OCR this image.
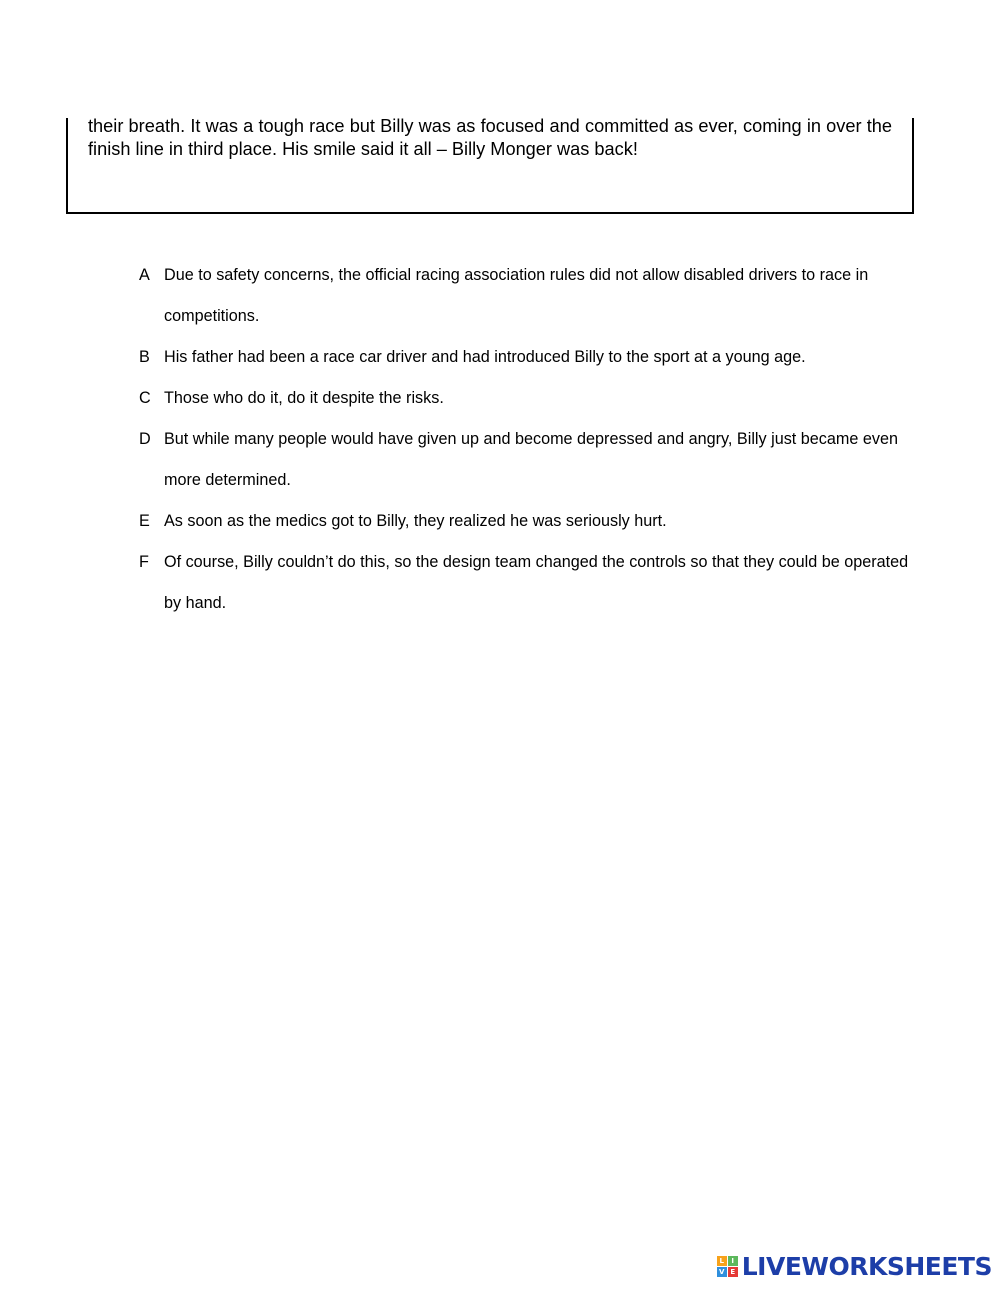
their breath. It was a tough race but Billy was as focused and committed as ever, coming in over the finish line in third place. His smile said it all – Billy Monger was back!

A Due to safety concerns, the official racing association rules did not allow disabled drivers to race in competitions.
B His father had been a race car driver and had introduced Billy to the sport at a young age.
C Those who do it, do it despite the risks.
D But while many people would have given up and become depressed and angry, Billy just became even more determined.
E As soon as the medics got to Billy, they realized he was seriously hurt.
F Of course, Billy couldn’t do this, so the design team changed the controls so that they could be operated by hand.
L	I
V E LIVEWORKSHEETS
